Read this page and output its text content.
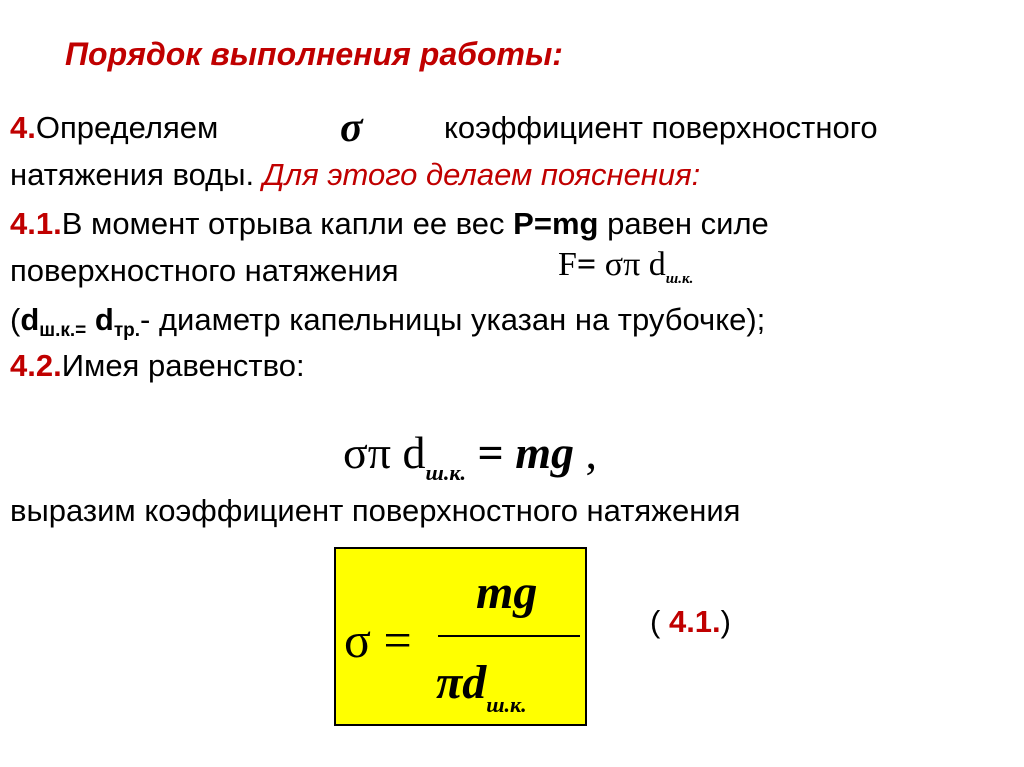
Порядок выполнения работы:
4.Определяем	σ	коэффициент поверхностного
натяжения воды. Для этого делаем пояснения:
4.1.В момент отрыва капли ее вес P=mg равен силе
поверхностного натяжения	F= σπ $d_{ш.к.}$
($d_{ш.к.=}$ $d_{тр.}-$ диаметр капельницы указан на трубочке);
4.2.Имея равенство:
σπ $d_{ш.к.}$ = mg ,
выразим коэффициент поверхностного натяжения
σ =
mg
$\pi d_{ш.к.}$
( 4.1.)
